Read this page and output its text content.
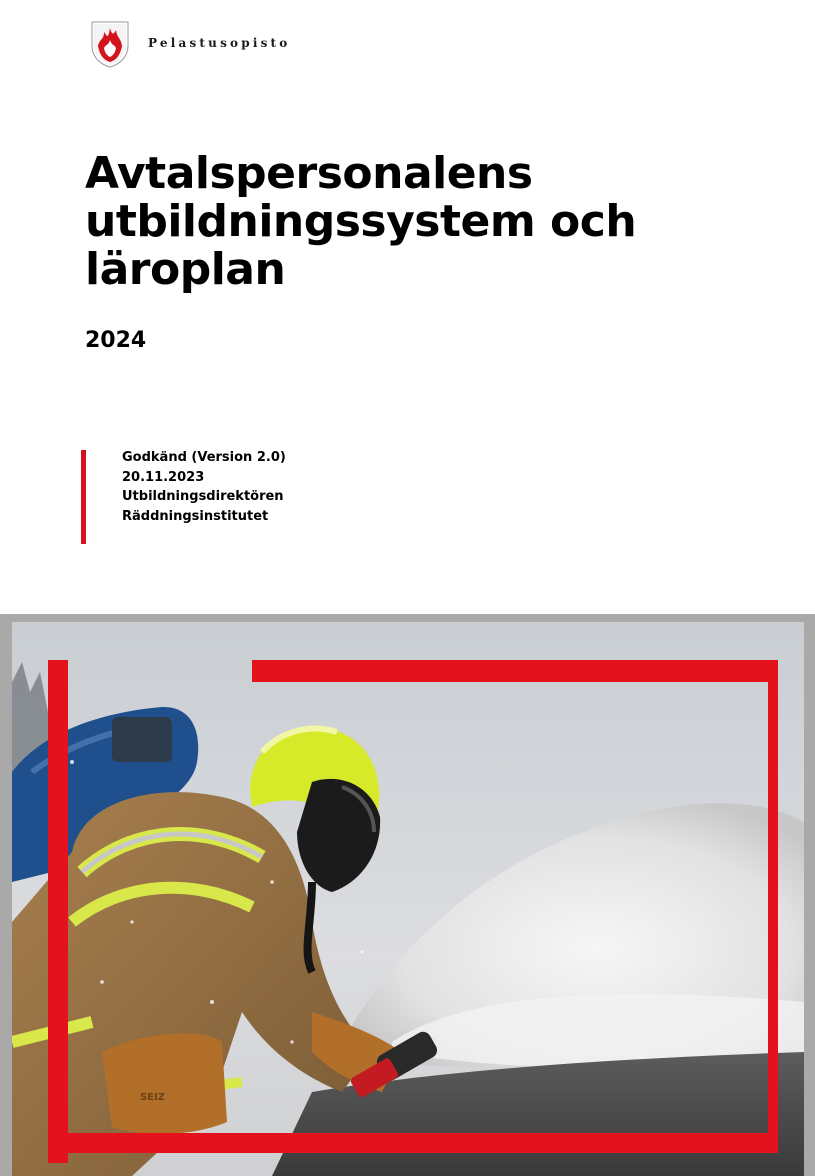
Pelastusopisto
Avtalspersonalens utbildningssystem och läroplan
2024
Godkänd (Version 2.0)
20.11.2023
Utbildningsdirektören
Räddningsinstitutet
SEIZ
